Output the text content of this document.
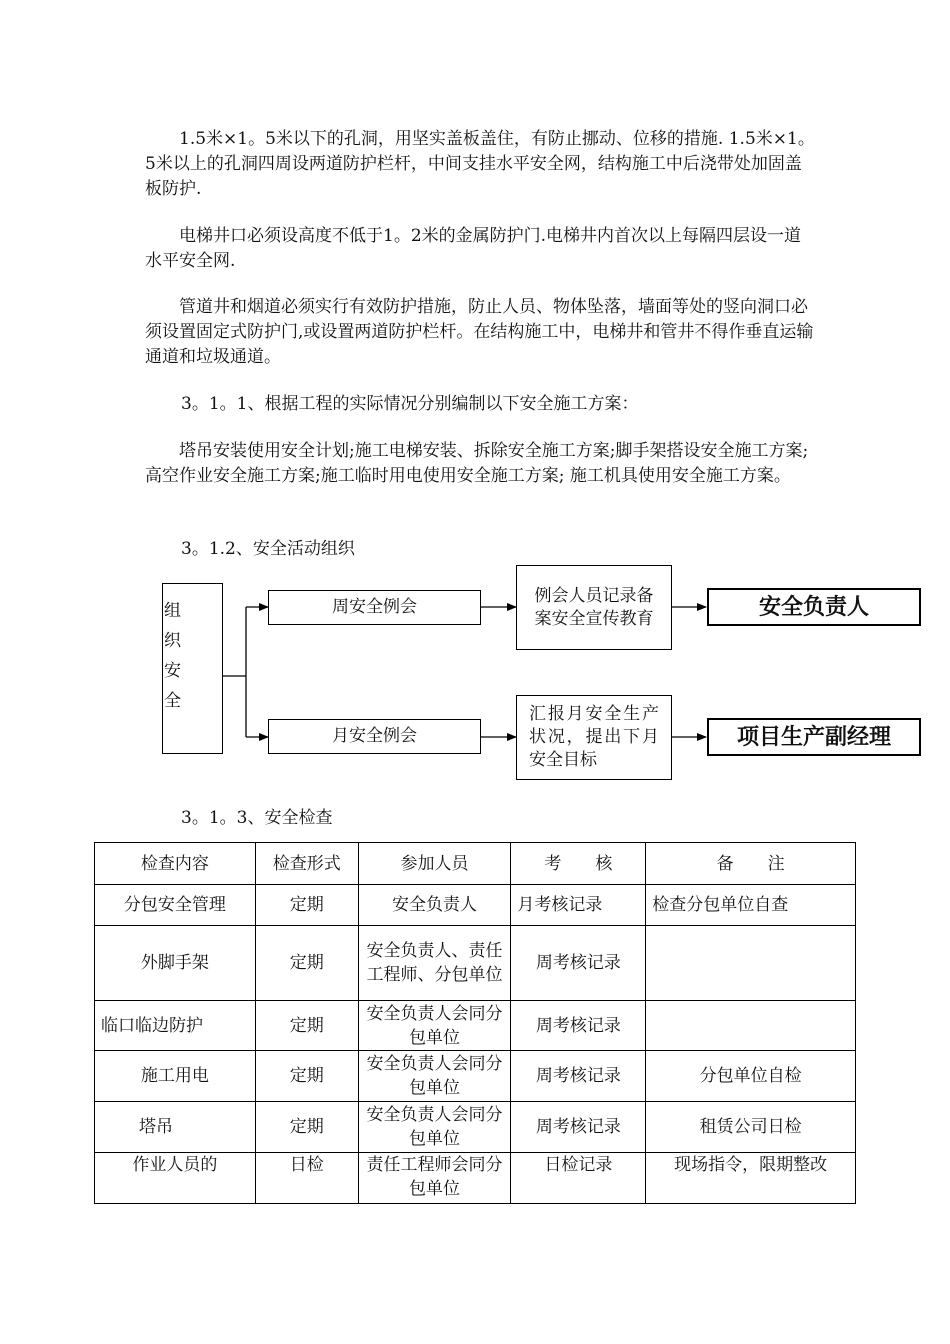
1.5米×1。5米以下的孔洞，用坚实盖板盖住，有防止挪动、位移的措施. 1.5米×1。5米以上的孔洞四周设两道防护栏杆，中间支挂水平安全网，结构施工中后浇带处加固盖板防护.

电梯井口必须设高度不低于1。2米的金属防护门.电梯井内首次以上每隔四层设一道水平安全网.

管道井和烟道必须实行有效防护措施，防止人员、物体坠落，墙面等处的竖向洞口必须设置固定式防护门,或设置两道防护栏杆。在结构施工中，电梯井和管井不得作垂直运输通道和垃圾通道。

3。1。1、根据工程的实际情况分别编制以下安全施工方案：

塔吊安装使用安全计划;施工电梯安装、拆除安全施工方案;脚手架搭设安全施工方案;高空作业安全施工方案;施工临时用电使用安全施工方案; 施工机具使用安全施工方案。

3。1.2、安全活动组织

组
织
安
全
周安全例会
月安全例会
例会人员记录备案安全宣传教育
汇报月安全生产状况，提出下月安全目标
安全负责人
项目生产副经理

3。1。3、安全检查

检查内容	检查形式	参加人员	考　　核	备　　注
分包安全管理	定期	安全负责人	月考核记录	检查分包单位自查
外脚手架	定期	安全负责人、责任工程师、分包单位	周考核记录	
临口临边防护	定期	安全负责人会同分包单位	周考核记录	
施工用电	定期	安全负责人会同分包单位	周考核记录	分包单位自检
塔吊	定期	安全负责人会同分包单位	周考核记录	租赁公司日检
作业人员的	日检	责任工程师会同分包单位	日检记录	现场指令，限期整改
